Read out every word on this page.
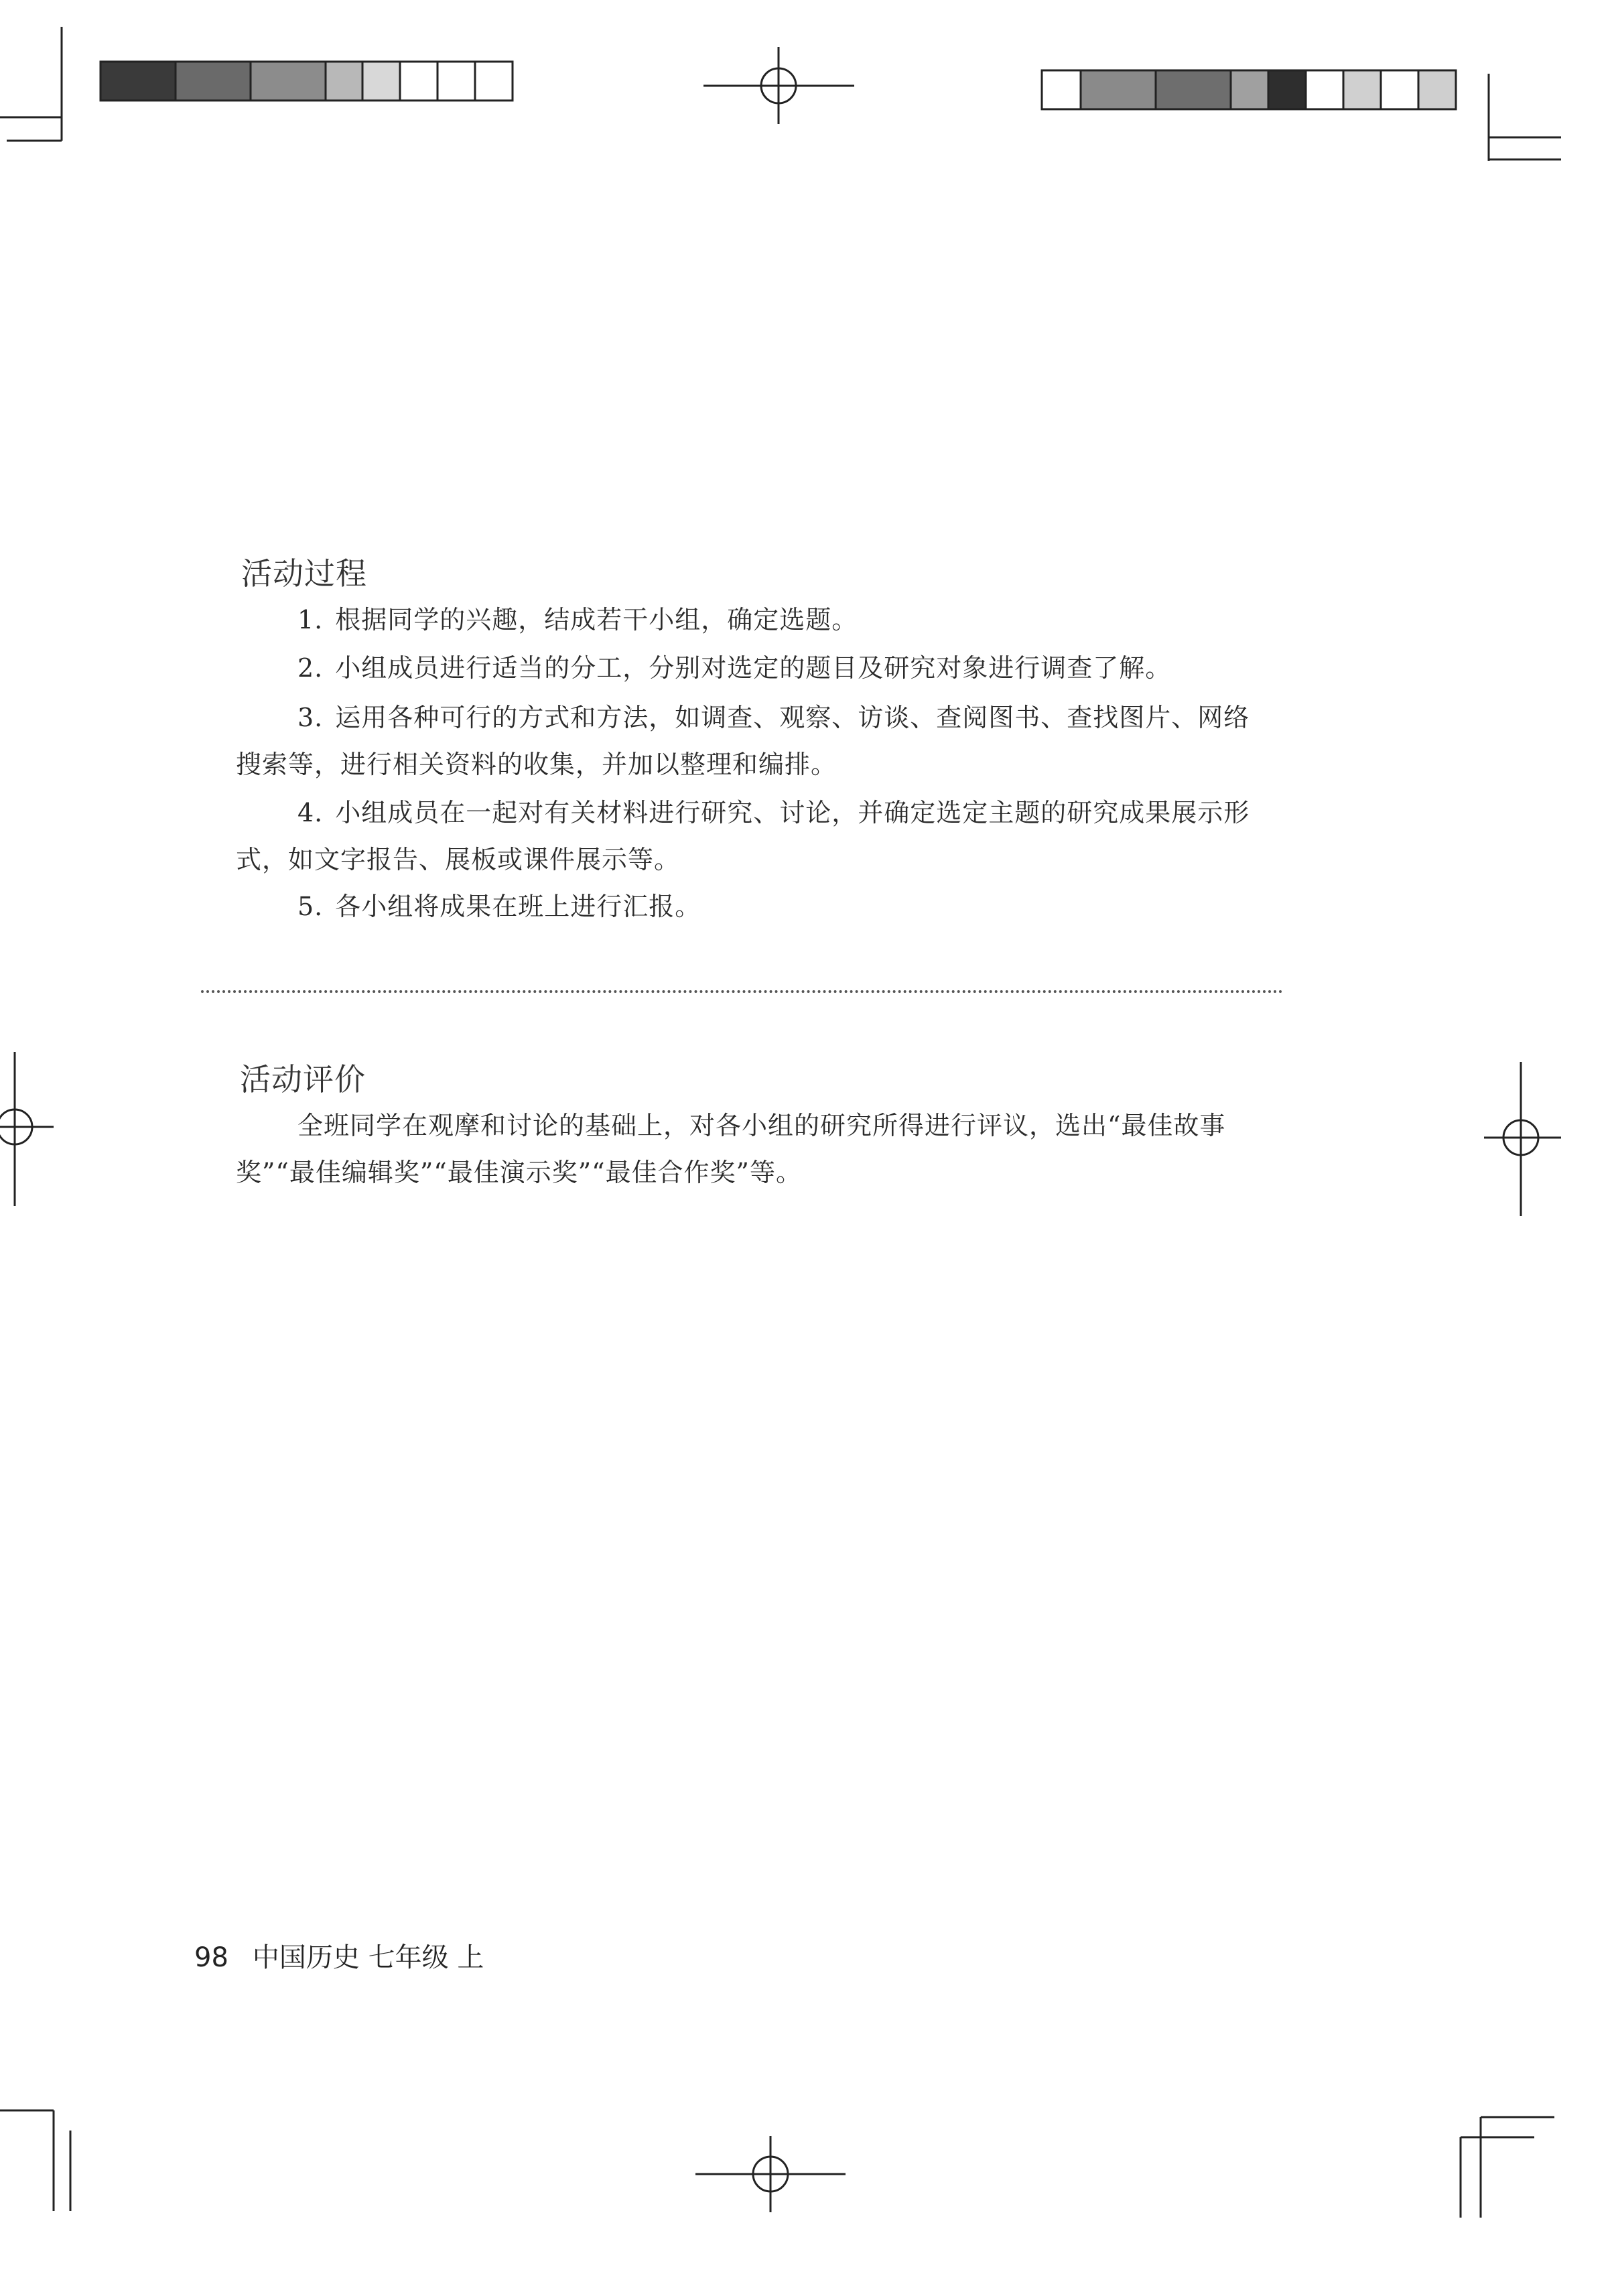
活动过程
1. 根据同学的兴趣，结成若干小组，确定选题。
2. 小组成员进行适当的分工，分别对选定的题目及研究对象进行调查了解。
3. 运用各种可行的方式和方法，如调查、观察、访谈、查阅图书、查找图片、网络搜索等，进行相关资料的收集，并加以整理和编排。
4. 小组成员在一起对有关材料进行研究、讨论，并确定选定主题的研究成果展示形式，如文字报告、展板或课件展示等。
5. 各小组将成果在班上进行汇报。
活动评价
全班同学在观摩和讨论的基础上，对各小组的研究所得进行评议，选出“最佳故事奖”“最佳编辑奖”“最佳演示奖”“最佳合作奖”等。
98 中国历史 七年级 上
